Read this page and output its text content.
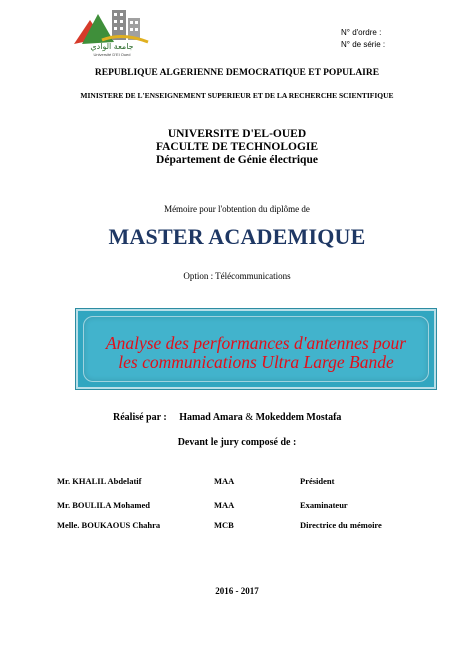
جامعة الوادي
Université D'El Oued
N° d'ordre :
N° de série :
REPUBLIQUE ALGERIENNE DEMOCRATIQUE ET POPULAIRE
MINISTERE DE L'ENSEIGNEMENT SUPERIEUR ET DE LA RECHERCHE SCIENTIFIQUE
UNIVERSITE D'EL-OUED
FACULTE DE TECHNOLOGIE
Département de Génie électrique
Mémoire pour l'obtention du diplôme de
MASTER ACADEMIQUE
Option : Télécommunications
Analyse des performances d'antennes pour
les communications Ultra Large Bande
Réalisé par : Hamad Amara & Mokeddem Mostafa
Devant le jury composé de :
Mr. KHALIL Abdelatif	MAA	Président
Mr. BOULILA Mohamed	MAA	Examinateur
Melle. BOUKAOUS Chahra	MCB	Directrice du mémoire
2016 - 2017
